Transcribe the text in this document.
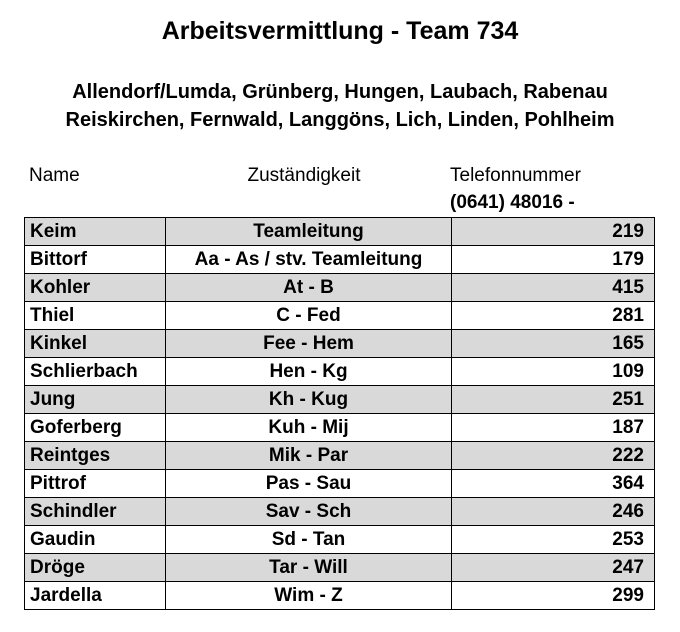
Arbeitsvermittlung - Team 734
Allendorf/Lumda, Grünberg, Hungen, Laubach, Rabenau
Reiskirchen, Fernwald, Langgöns, Lich, Linden, Pohlheim
Name	Zuständigkeit	Telefonnummer
(0641) 48016 -
Keim	Teamleitung	219
Bittorf	Aa - As / stv. Teamleitung	179
Kohler	At - B	415
Thiel	C - Fed	281
Kinkel	Fee - Hem	165
Schlierbach	Hen - Kg	109
Jung	Kh - Kug	251
Goferberg	Kuh - Mij	187
Reintges	Mik - Par	222
Pittrof	Pas - Sau	364
Schindler	Sav - Sch	246
Gaudin	Sd - Tan	253
Dröge	Tar - Will	247
Jardella	Wim - Z	299
